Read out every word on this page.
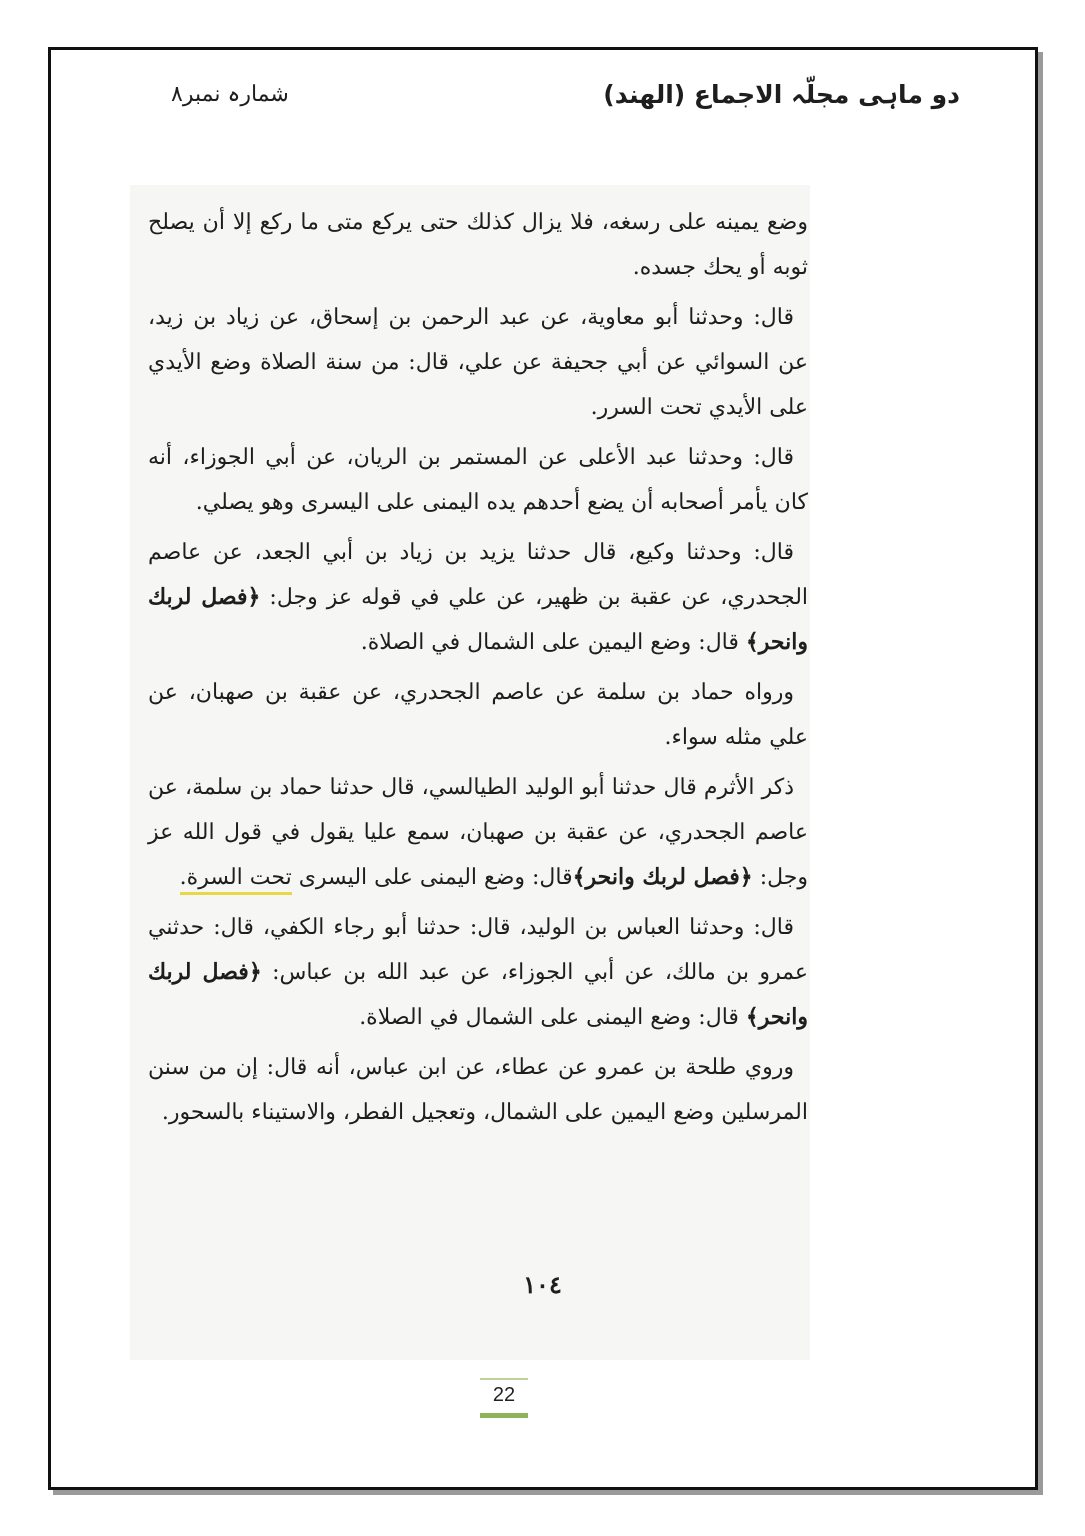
شمارہ نمبر۸	دو ماہی مجلّہ الاجماع (الهند)

وضع يمينه على رسغه، فلا يزال كذلك حتى يركع متى ما ركع إلا أن يصلح ثوبه أو يحك جسده.

قال: وحدثنا أبو معاوية، عن عبد الرحمن بن إسحاق، عن زياد بن زيد، عن السوائي عن أبي جحيفة عن علي، قال: من سنة الصلاة وضع الأيدي على الأيدي تحت السرر.

قال: وحدثنا عبد الأعلى عن المستمر بن الريان، عن أبي الجوزاء، أنه كان يأمر أصحابه أن يضع أحدهم يده اليمنى على اليسرى وهو يصلي.

قال: وحدثنا وكيع، قال حدثنا يزيد بن زياد بن أبي الجعد، عن عاصم الجحدري، عن عقبة بن ظهير، عن علي في قوله عز وجل: ﴿فصل لربك وانحر﴾ قال: وضع اليمين على الشمال في الصلاة.

ورواه حماد بن سلمة عن عاصم الجحدري، عن عقبة بن صهبان، عن علي مثله سواء.

ذكر الأثرم قال حدثنا أبو الوليد الطيالسي، قال حدثنا حماد بن سلمة، عن عاصم الجحدري، عن عقبة بن صهبان، سمع عليا يقول في قول الله عز وجل: ﴿فصل لربك وانحر﴾قال: وضع اليمنى على اليسرى تحت السرة.

قال: وحدثنا العباس بن الوليد، قال: حدثنا أبو رجاء الكفي، قال: حدثني عمرو بن مالك، عن أبي الجوزاء، عن عبد الله بن عباس: ﴿فصل لربك وانحر﴾ قال: وضع اليمنى على الشمال في الصلاة.

وروي طلحة بن عمرو عن عطاء، عن ابن عباس، أنه قال: إن من سنن المرسلين وضع اليمين على الشمال، وتعجيل الفطر، والاستيناء بالسحور.

١٠٤
22
